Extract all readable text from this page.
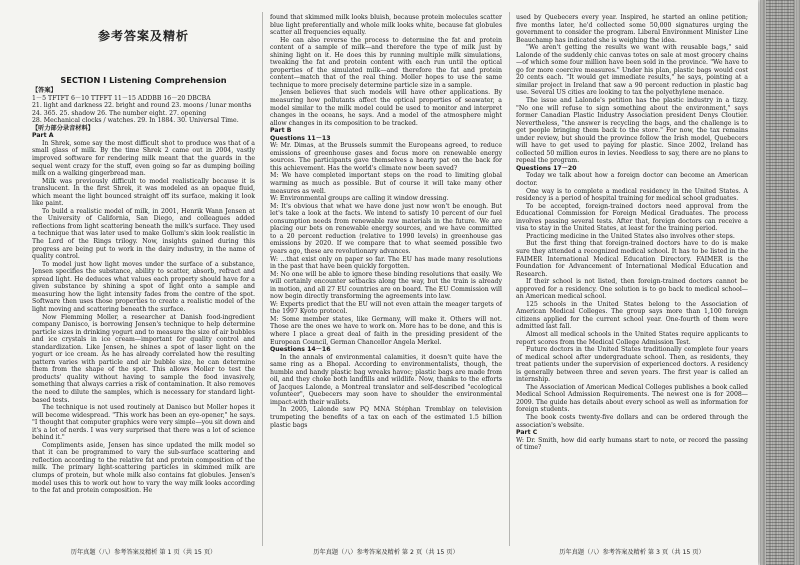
参考答案及精析
SECTION I Listening Comprehension
【答案】
1－5 TFTFT 6－10 TTFFT 11－15 ADDBB 16－20 DBCBA
21. light and darkness 22. bright and round 23. moons / lunar months
24. 365. 25. shadow 26. The number eight. 27. opening
28. Mechanical clocks / watches. 29. In 1884. 30. Universal Time.
【听力部分录音材料】
Part A

In Shrek, some say the most difficult shot to produce was that of a small glass of milk. By the time Shrek 2 came out in 2004, vastly improved software for rendering milk meant that the guards in the sequel went crazy for the stuff, even going so far as dumping boiling milk on a walking gingerbread man.

Milk was previously difficult to model realistically because it is translucent. In the first Shrek, it was modeled as an opaque fluid, which meant the light bounced straight off its surface, making it look like paint.

To build a realistic model of milk, in 2001, Henrik Wann Jensen at the University of California, San Diego, and colleagues added reflections from light scattering beneath the milk's surface. They used a technique that was later used to make Gollum's skin look realistic in The Lord of the Rings trilogy. Now, insights gained during this progress are being put to work in the dairy industry, in the name of quality control.

To model just how light moves under the surface of a substance, Jensen specifies the substance, ability to scatter, absorb, refract and spread light. He deduces what values each property should have for a given substance by shining a spot of light onto a sample and measuring how the light intensity fades from the centre of the spot. Software then uses those properties to create a realistic model of the light moving and scattering beneath the surface.

Now Flemming Moller, a researcher at Danish food-ingredient company Danisco, is borrowing Jensen's technique to help determine particle sizes in drinking yogurt and to measure the size of air bubbles and ice crystals in ice cream—important for quality control and standardization. Like Jensen, he shines a spot of laser light on the yogurt or ice cream. As he has already correlated how the resulting pattern varies with particle and air bubble size, he can determine them from the shape of the spot. This allows Moller to test the products' quality without having to sample the food invasively, something that always carries a risk of contamination. It also removes the need to dilute the samples, which is necessary for standard light-based tests.

The technique is not used routinely at Danisco but Moller hopes it will become widespread. "This work has been an eye-opener," he says. "I thought that computer graphics were very simple—you sit down and it's a lot of nerds. I was very surprised that there was a lot of science behind it."

Compliments aside, Jensen has since updated the milk model so that it can be programmed to vary the sub-surface scattering and reflection according to the relative fat and protein composition of the milk. The primary light-scattering particles in skimmed milk are clumps of protein, but whole milk also contains fat globules. Jensen's model uses this to work out how to vary the way milk looks according to the fat and protein composition. He

历年真题（八）参考答案及精析 第 1 页（共 15 页）

found that skimmed milk looks bluish, because protein molecules scatter blue light preferentially and whole milk looks white, because fat globules scatter all frequencies equally.

He can also reverse the process to determine the fat and protein content of a sample of milk—and therefore the type of milk just by shining light on it. He does this by running multiple milk simulations, tweaking the fat and protein content with each run until the optical properties of the simulated milk—and therefore the fat and protein content—match that of the real thing. Moller hopes to use the same technique to more precisely determine particle size in a sample.

Jensen believes that such models will have other applications. By measuring how pollutants affect the optical properties of seawater, a model similar to the milk model could be used to monitor and interpret changes in the oceans, he says. And a model of the atmosphere might allow changes in its composition to be tracked.

Part B
Questions 11－13

W: Mr. Dimas, at the Brussels summit the Europeans agreed, to reduce emissions of greenhouse gases and focus more on renewable energy sources. The participants gave themselves a hearty pat on the back for this achievement. Has the world's climate now been saved?

M: We have completed important steps on the road to limiting global warming as much as possible. But of course it will take many other measures as well.

W: Environmental groups are calling it window dressing.

M: It's obvious that what we have done just now won't be enough. But let's take a look at the facts. We intend to satisfy 10 percent of our fuel consumption needs from renewable raw materials in the future. We are placing our bets on renewable energy sources, and we have committed to a 20 percent reduction (relative to 1990 levels) in greenhouse gas emissions by 2020. If we compare that to what seemed possible two years ago, these are revolutionary advances.

W: ...that exist only on paper so far. The EU has made many resolutions in the past that have been quickly forgotten.

M: No one will be able to ignore these binding resolutions that easily. We will certainly encounter setbacks along the way, but the train is already in motion, and all 27 EU countries are on board. The EU Commission will now begin directly transforming the agreements into law.

W: Experts predict that the EU will not even attain the meager targets of the 1997 Kyoto protocol.

M: Some member states, like Germany, will make it. Others will not. Those are the ones we have to work on. More has to be done, and this is where I place a great deal of faith in the presiding president of the European Council, German Chancellor Angela Merkel.

Questions 14－16

In the annals of environmental calamities, it doesn't quite have the same ring as a Bhopal. According to environmentalists, though, the humble and handy plastic bag wreaks havoc; plastic bags are made from oil, and they choke both landfills and wildlife. Now, thanks to the efforts of Jacques Lalonde, a Montreal translator and self-described "ecological volunteer", Quebecers may soon have to shoulder the environmental impact-with their wallets.

In 2005, Lalonde saw PQ MNA Stéphan Tremblay on television trumpeting the benefits of a tax on each of the estimated 1.5 billion plastic bags

历年真题（八）参考答案及精析 第 2 页（共 15 页）

used by Quebecers every year. Inspired, he started an online petition; five months later, he'd collected some 50,000 signatures urging the government to consider the program. Liberal Environment Minister Line Beauchamp has indicated she is weighing the idea.

"We aren't getting the results we want with reusable bags," said Lalonde of the suddenly chic canvas totes on sale at most grocery chains—of which some four million have been sold in the province. "We have to go for more coercive measures." Under his plan, plastic bags would cost 20 cents each. "It would get immediate results," he says, pointing at a similar project in Ireland that saw a 90 percent reduction in plastic bag use. Several US cities are looking to tax the polyethylene menace.

The issue and Lalonde's petition has the plastic industry in a tizzy. "No one will refuse to sign something about the environment," says former Canadian Plastic Industry Association president Denys Cloutier. Nevertheless, "the answer is recycling the bags, and the challenge is to get people bringing them back to the store." For now, the tax remains under review, but should the province follow the Irish model, Quebecers will have to get used to paying for plastic. Since 2002, Ireland has collected 50 million euros in levies. Needless to say, there are no plans to repeal the program.

Questions 17－20

Today we talk about how a foreign doctor can become an American doctor.

One way is to complete a medical residency in the United States. A residency is a period of hospital training for medical school graduates.

To be accepted, foreign-trained doctors need approval from the Educational Commission for Foreign Medical Graduates. The process involves passing several tests. After that, foreign doctors can receive a visa to stay in the United States, at least for the training period.

Practicing medicine in the United States also involves other steps.

But the first thing that foreign-trained doctors have to do is make sure they attended a recognized medical school. It has to be listed in the FAIMER International Medical Education Directory. FAIMER is the Foundation for Advancement of International Medical Education and Research.

If their school is not listed, then foreign-trained doctors cannot be approved for a residency. One solution is to go back to medical school—an American medical school.

125 schools in the United States belong to the Association of American Medical Colleges. The group says more than 1,100 foreign citizens applied for the current school year. One-fourth of them were admitted last fall.

Almost all medical schools in the United States require applicants to report scores from the Medical College Admission Test.

Future doctors in the United States traditionally complete four years of medical school after undergraduate school. Then, as residents, they treat patients under the supervision of experienced doctors. A residency is generally between three and seven years. The first year is called an internship.

The Association of American Medical Colleges publishes a book called Medical School Admission Requirements. The newest one is for 2008—2009. The guide has details about every school as well as information for foreign students.

The book costs twenty-five dollars and can be ordered through the association's website.

Part C

W: Dr. Smith, how did early humans start to note, or record the passing of time?

历年真题（八）参考答案及精析 第 3 页（共 15 页）
